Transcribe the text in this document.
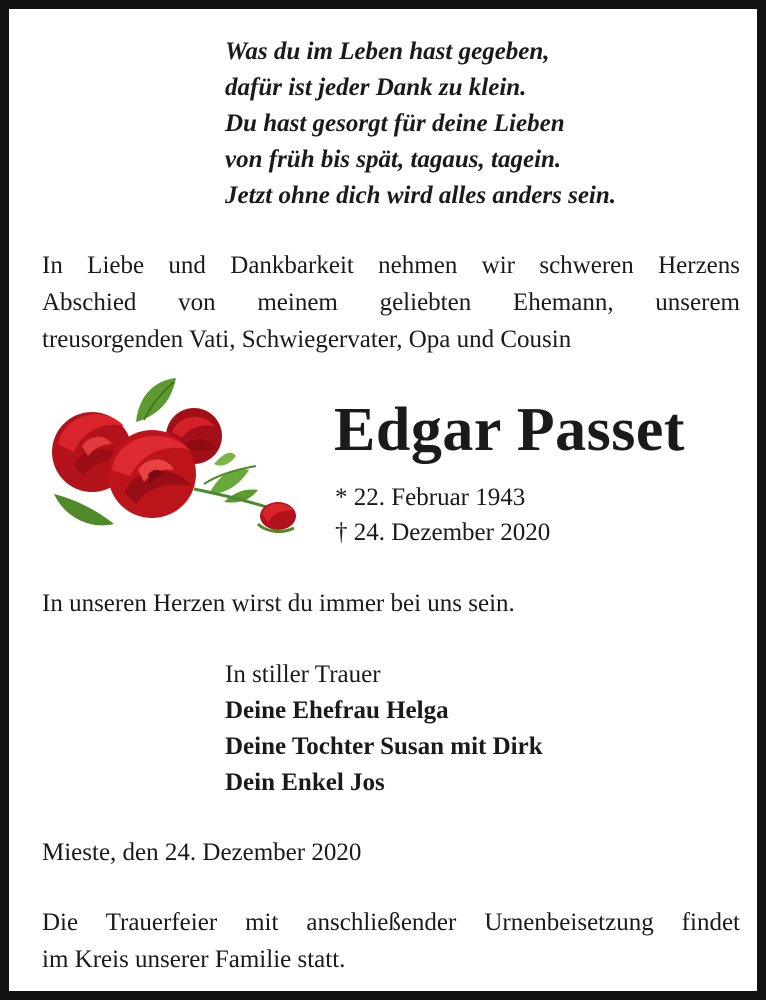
Was du im Leben hast gegeben,
dafür ist jeder Dank zu klein.
Du hast gesorgt für deine Lieben
von früh bis spät, tagaus, tagein.
Jetzt ohne dich wird alles anders sein.
In Liebe und Dankbarkeit nehmen wir schweren Herzens
Abschied von meinem geliebten Ehemann, unserem
treusorgenden Vati, Schwiegervater, Opa und Cousin
Edgar Passet
* 22. Februar 1943
† 24. Dezember 2020
In unseren Herzen wirst du immer bei uns sein.
In stiller Trauer
Deine Ehefrau Helga
Deine Tochter Susan mit Dirk
Dein Enkel Jos
Mieste, den 24. Dezember 2020
Die Trauerfeier mit anschließender Urnenbeisetzung findet
im Kreis unserer Familie statt.
